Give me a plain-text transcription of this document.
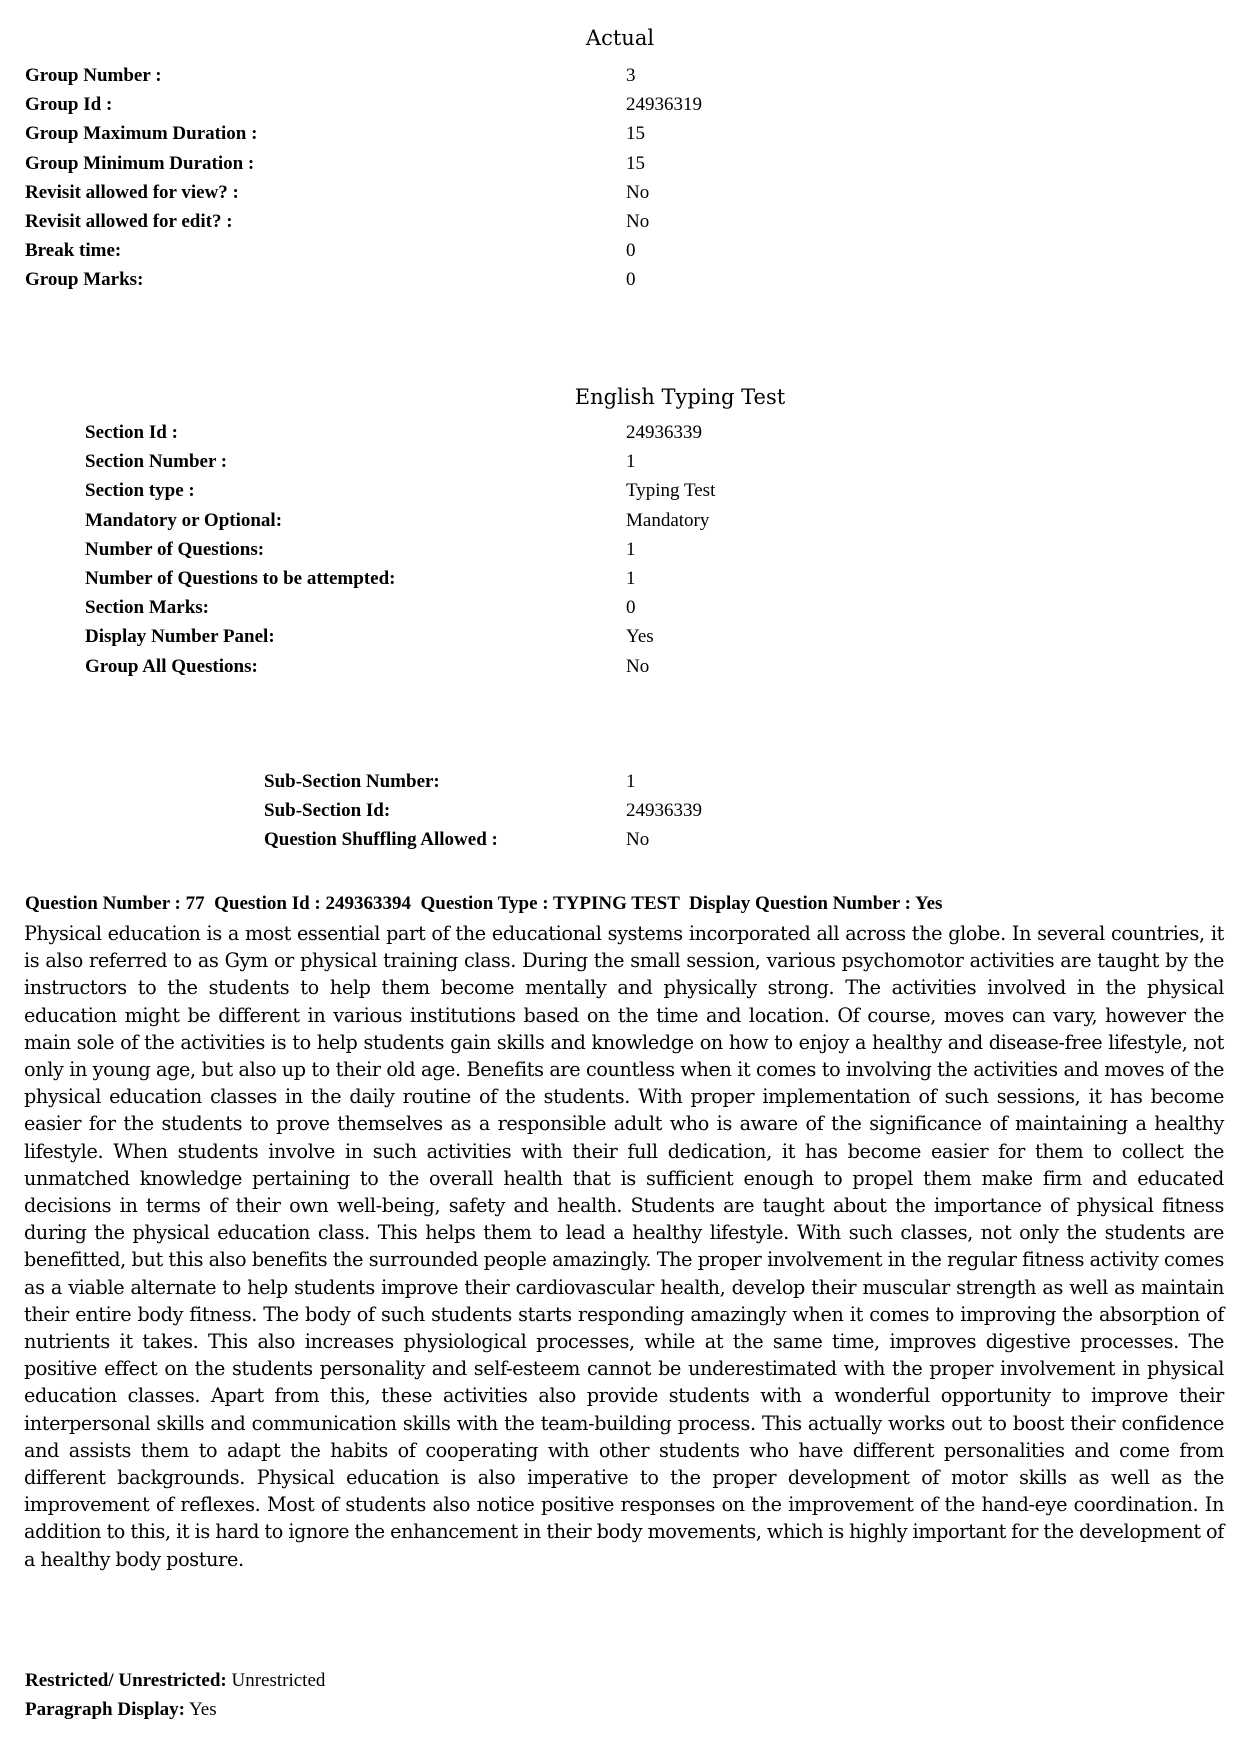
Actual
Group Number :	3
Group Id :	24936319
Group Maximum Duration :	15
Group Minimum Duration :	15
Revisit allowed for view? :	No
Revisit allowed for edit? :	No
Break time:	0
Group Marks:	0
English Typing Test
Section Id :	24936339
Section Number :	1
Section type :	Typing Test
Mandatory or Optional:	Mandatory
Number of Questions:	1
Number of Questions to be attempted:	1
Section Marks:	0
Display Number Panel:	Yes
Group All Questions:	No
Sub-Section Number:	1
Sub-Section Id:	24936339
Question Shuffling Allowed :	No
Question Number : 77  Question Id : 249363394  Question Type : TYPING TEST  Display Question Number : Yes
Physical education is a most essential part of the educational systems incorporated all across the globe. In several countries, it is also referred to as Gym or physical training class. During the small session, various psychomotor activities are taught by the instructors to the students to help them become mentally and physically strong. The activities involved in the physical education might be different in various institutions based on the time and location. Of course, moves can vary, however the main sole of the activities is to help students gain skills and knowledge on how to enjoy a healthy and disease-free lifestyle, not only in young age, but also up to their old age. Benefits are countless when it comes to involving the activities and moves of the physical education classes in the daily routine of the students. With proper implementation of such sessions, it has become easier for the students to prove themselves as a responsible adult who is aware of the significance of maintaining a healthy lifestyle. When students involve in such activities with their full dedication, it has become easier for them to collect the unmatched knowledge pertaining to the overall health that is sufficient enough to propel them make firm and educated decisions in terms of their own well-being, safety and health. Students are taught about the importance of physical fitness during the physical education class. This helps them to lead a healthy lifestyle. With such classes, not only the students are benefitted, but this also benefits the surrounded people amazingly. The proper involvement in the regular fitness activity comes as a viable alternate to help students improve their cardiovascular health, develop their muscular strength as well as maintain their entire body fitness. The body of such students starts responding amazingly when it comes to improving the absorption of nutrients it takes. This also increases physiological processes, while at the same time, improves digestive processes. The positive effect on the students personality and self-esteem cannot be underestimated with the proper involvement in physical education classes. Apart from this, these activities also provide students with a wonderful opportunity to improve their interpersonal skills and communication skills with the team-building process. This actually works out to boost their confidence and assists them to adapt the habits of cooperating with other students who have different personalities and come from different backgrounds. Physical education is also imperative to the proper development of motor skills as well as the improvement of reflexes. Most of students also notice positive responses on the improvement of the hand-eye coordination. In addition to this, it is hard to ignore the enhancement in their body movements, which is highly important for the development of a healthy body posture.
Restricted/ Unrestricted: Unrestricted
Paragraph Display: Yes
